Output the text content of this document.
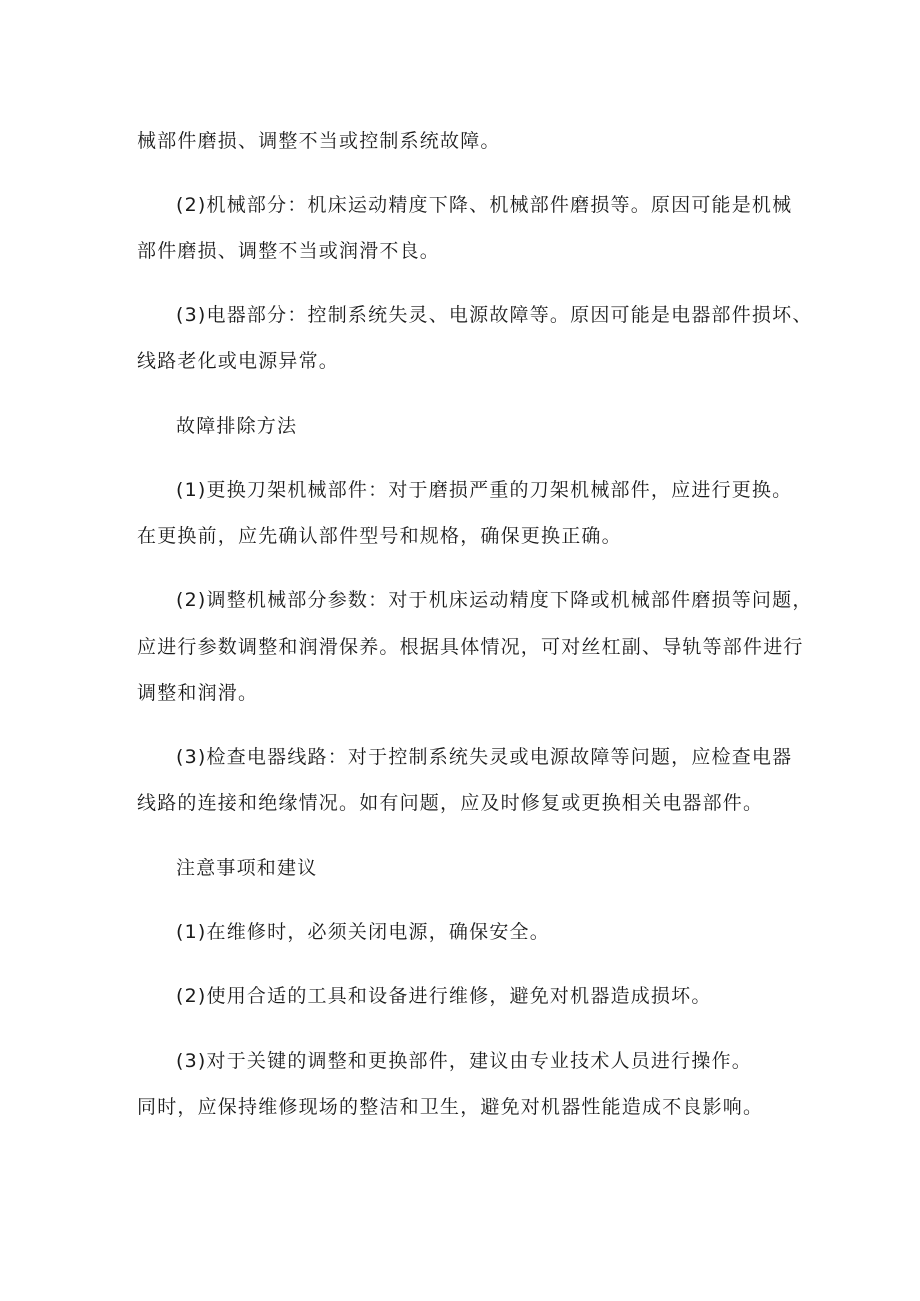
械部件磨损、调整不当或控制系统故障。
(2)机械部分：机床运动精度下降、机械部件磨损等。原因可能是机械
部件磨损、调整不当或润滑不良。
(3)电器部分：控制系统失灵、电源故障等。原因可能是电器部件损坏、
线路老化或电源异常。
故障排除方法
(1)更换刀架机械部件：对于磨损严重的刀架机械部件，应进行更换。
在更换前，应先确认部件型号和规格，确保更换正确。
(2)调整机械部分参数：对于机床运动精度下降或机械部件磨损等问题，
应进行参数调整和润滑保养。根据具体情况，可对丝杠副、导轨等部件进行
调整和润滑。
(3)检查电器线路：对于控制系统失灵或电源故障等问题，应检查电器
线路的连接和绝缘情况。如有问题，应及时修复或更换相关电器部件。
注意事项和建议
(1)在维修时，必须关闭电源，确保安全。
(2)使用合适的工具和设备进行维修，避免对机器造成损坏。
(3)对于关键的调整和更换部件，建议由专业技术人员进行操作。
同时，应保持维修现场的整洁和卫生，避免对机器性能造成不良影响。
